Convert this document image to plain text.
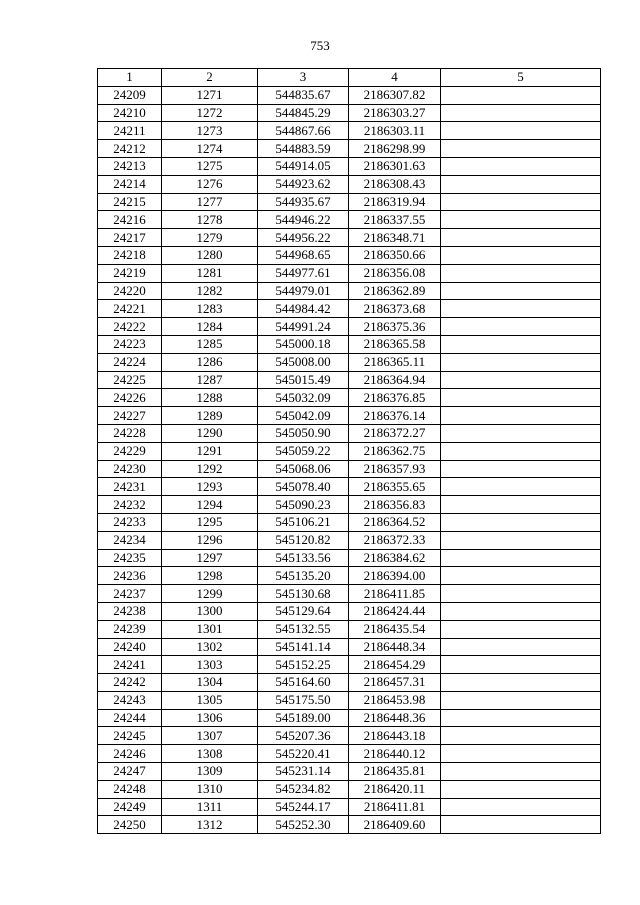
753
1	2	3	4	5
24209	1271	544835.67	2186307.82	
24210	1272	544845.29	2186303.27	
24211	1273	544867.66	2186303.11	
24212	1274	544883.59	2186298.99	
24213	1275	544914.05	2186301.63	
24214	1276	544923.62	2186308.43	
24215	1277	544935.67	2186319.94	
24216	1278	544946.22	2186337.55	
24217	1279	544956.22	2186348.71	
24218	1280	544968.65	2186350.66	
24219	1281	544977.61	2186356.08	
24220	1282	544979.01	2186362.89	
24221	1283	544984.42	2186373.68	
24222	1284	544991.24	2186375.36	
24223	1285	545000.18	2186365.58	
24224	1286	545008.00	2186365.11	
24225	1287	545015.49	2186364.94	
24226	1288	545032.09	2186376.85	
24227	1289	545042.09	2186376.14	
24228	1290	545050.90	2186372.27	
24229	1291	545059.22	2186362.75	
24230	1292	545068.06	2186357.93	
24231	1293	545078.40	2186355.65	
24232	1294	545090.23	2186356.83	
24233	1295	545106.21	2186364.52	
24234	1296	545120.82	2186372.33	
24235	1297	545133.56	2186384.62	
24236	1298	545135.20	2186394.00	
24237	1299	545130.68	2186411.85	
24238	1300	545129.64	2186424.44	
24239	1301	545132.55	2186435.54	
24240	1302	545141.14	2186448.34	
24241	1303	545152.25	2186454.29	
24242	1304	545164.60	2186457.31	
24243	1305	545175.50	2186453.98	
24244	1306	545189.00	2186448.36	
24245	1307	545207.36	2186443.18	
24246	1308	545220.41	2186440.12	
24247	1309	545231.14	2186435.81	
24248	1310	545234.82	2186420.11	
24249	1311	545244.17	2186411.81	
24250	1312	545252.30	2186409.60	
